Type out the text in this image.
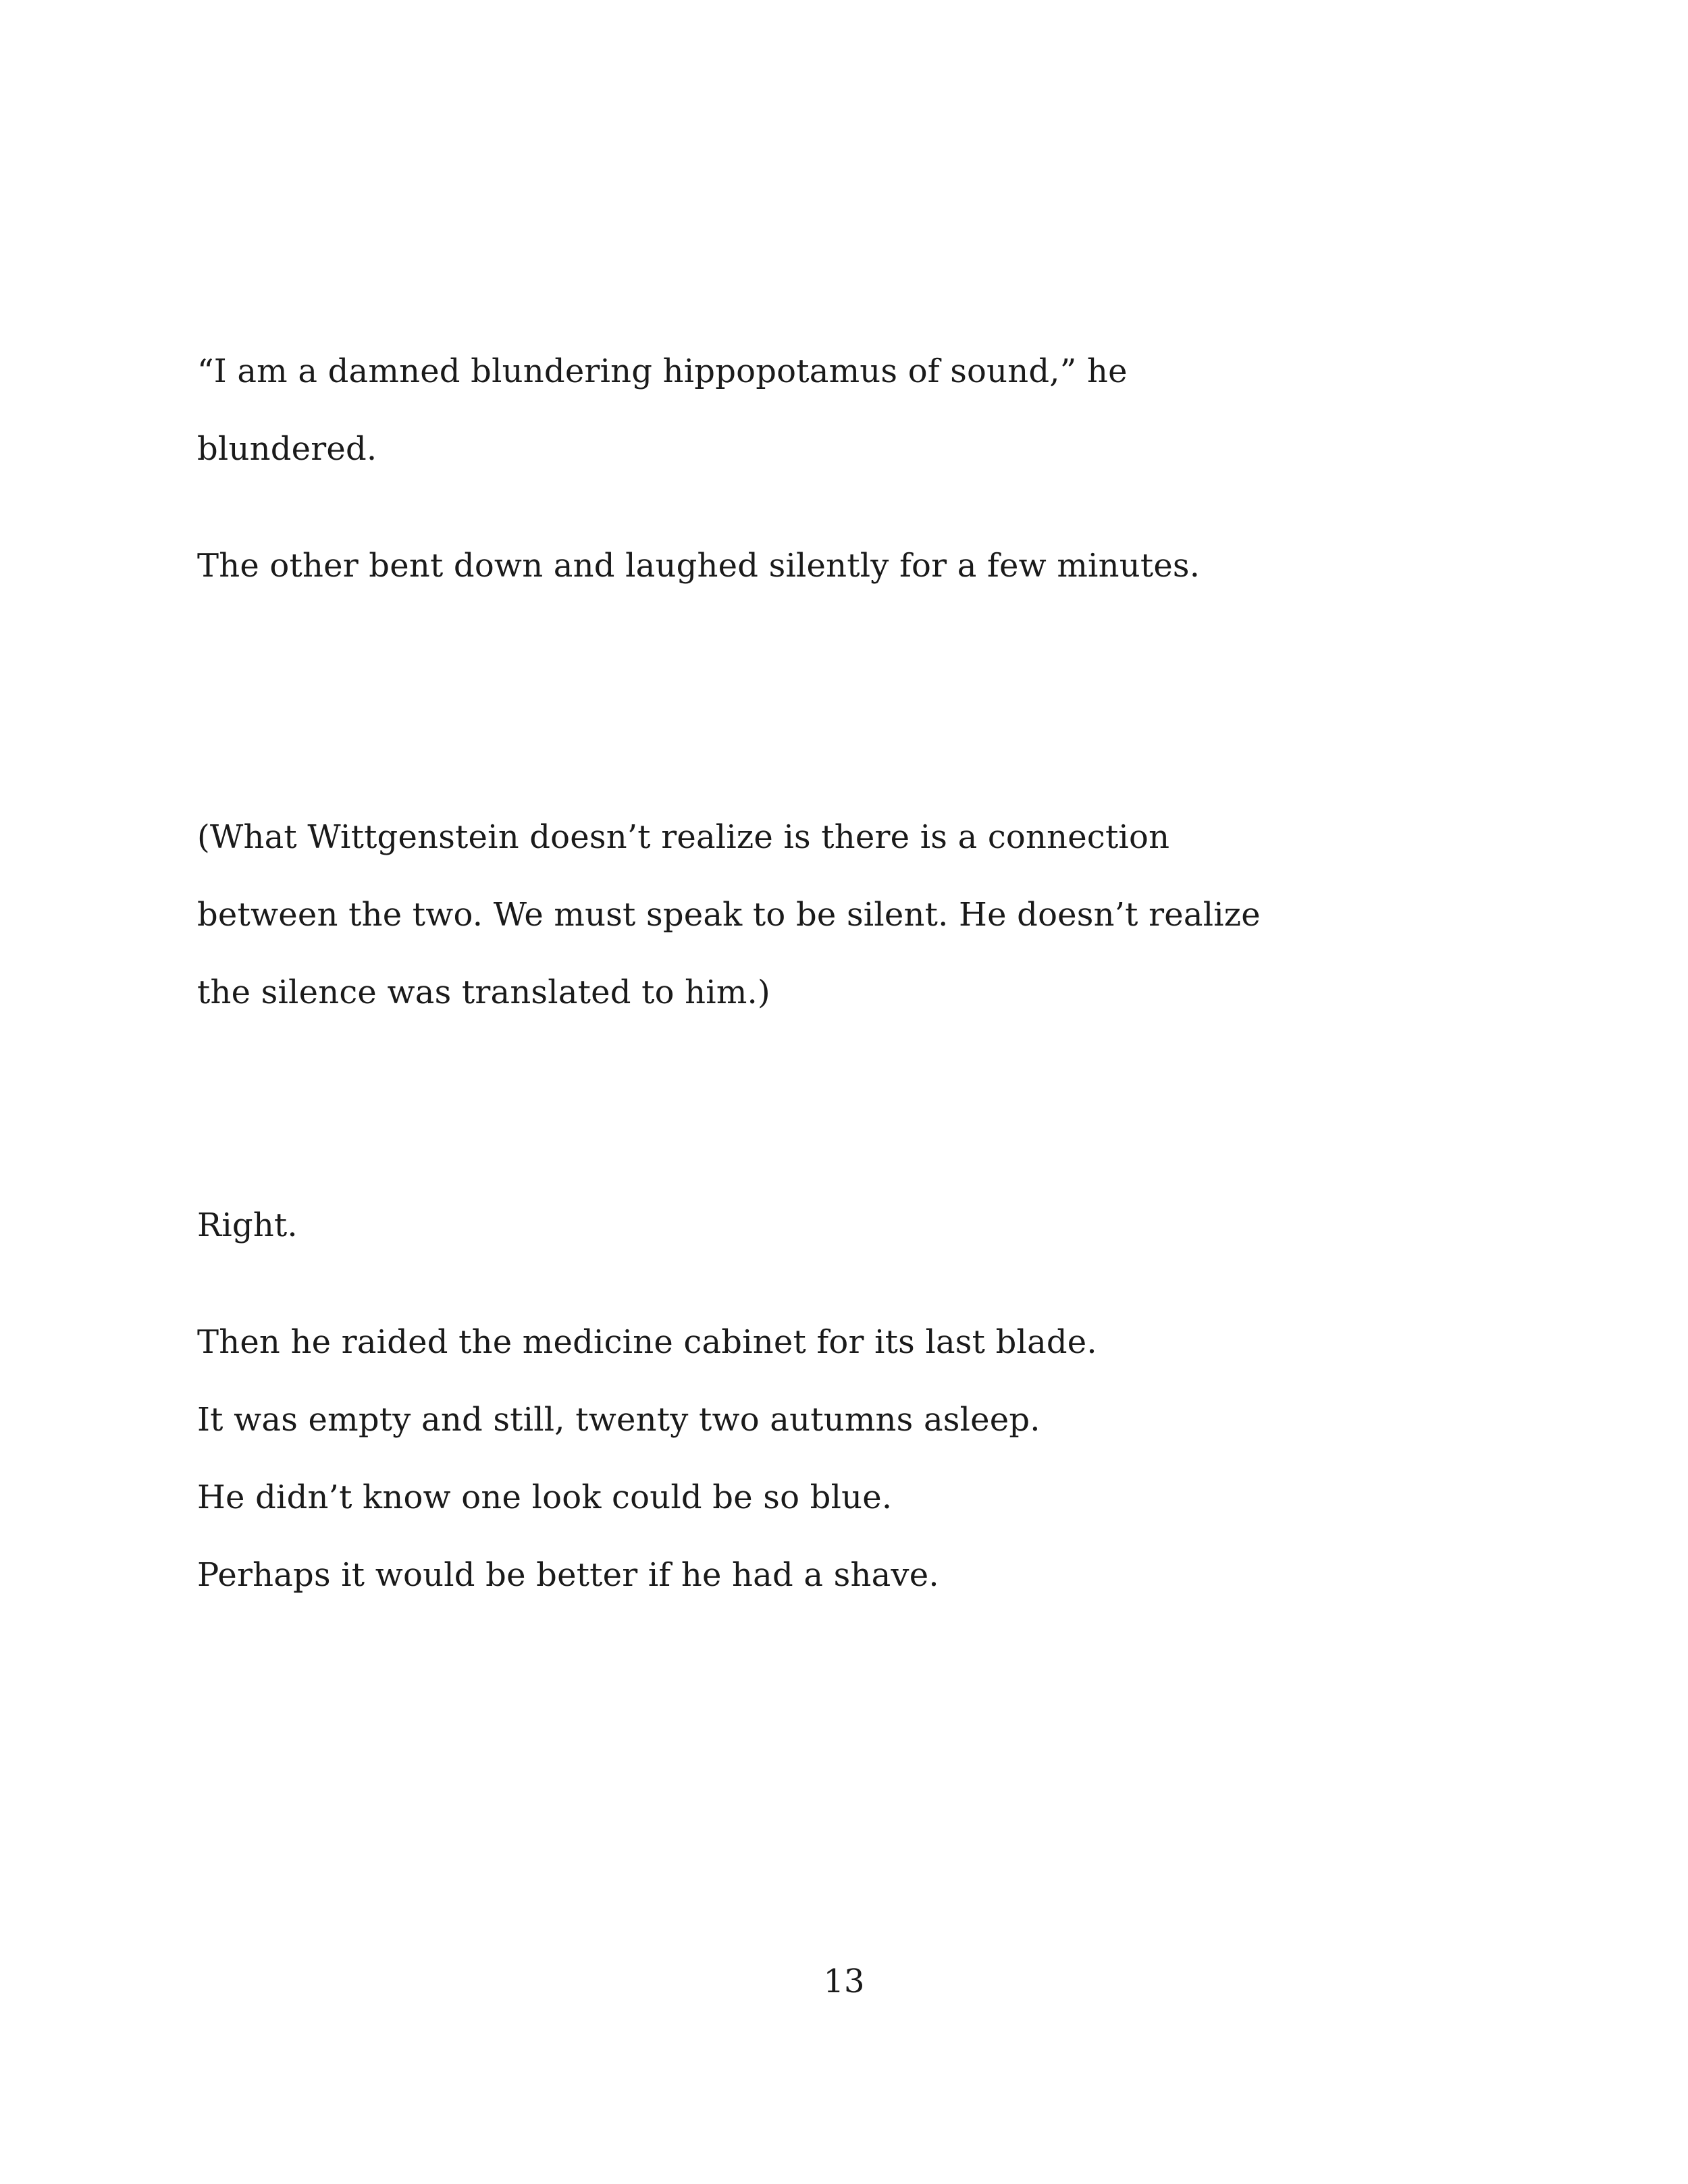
“I am a damned blundering hippopotamus of sound,” he
blundered.
The other bent down and laughed silently for a few minutes.
(What Wittgenstein doesn’t realize is there is a connection
between the two. We must speak to be silent. He doesn’t realize
the silence was translated to him.)
Right.
Then he raided the medicine cabinet for its last blade.
It was empty and still, twenty two autumns asleep.
He didn’t know one look could be so blue.
Perhaps it would be better if he had a shave.
13
